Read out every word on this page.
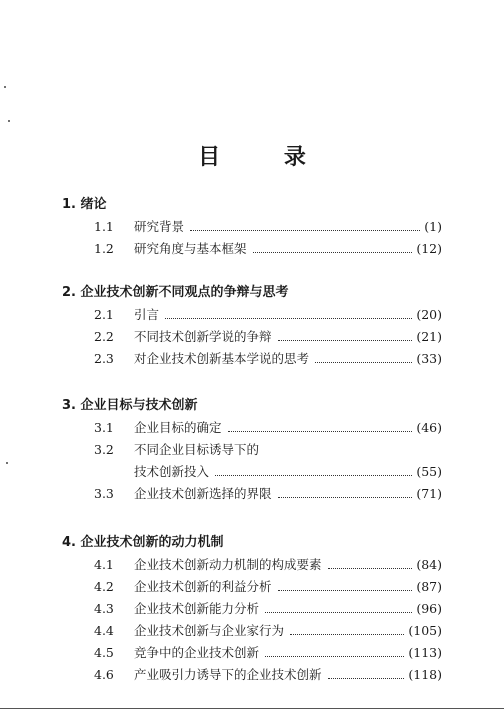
目 录
1. 绪论
1.1	研究背景	(1)
1.2	研究角度与基本框架	(12)
2. 企业技术创新不同观点的争辩与思考
2.1	引言	(20)
2.2	不同技术创新学说的争辩	(21)
2.3	对企业技术创新基本学说的思考	(33)
3. 企业目标与技术创新
3.1	企业目标的确定	(46)
3.2	不同企业目标诱导下的
技术创新投入	(55)
3.3	企业技术创新选择的界限	(71)
4. 企业技术创新的动力机制
4.1	企业技术创新动力机制的构成要素	(84)
4.2	企业技术创新的利益分析	(87)
4.3	企业技术创新能力分析	(96)
4.4	企业技术创新与企业家行为	(105)
4.5	竞争中的企业技术创新	(113)
4.6	产业吸引力诱导下的企业技术创新	(118)
